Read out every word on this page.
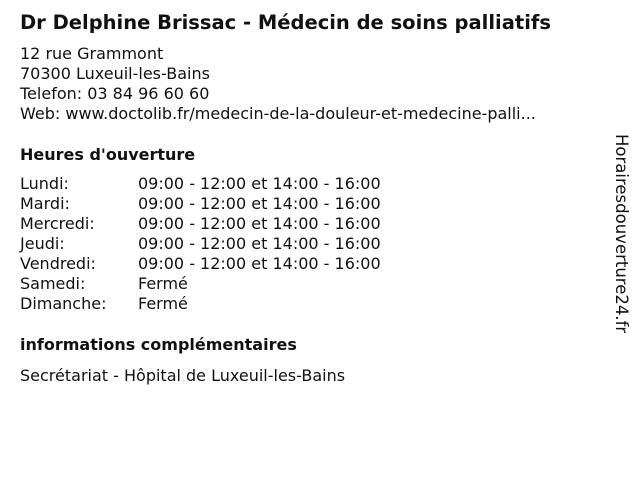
Dr Delphine Brissac - Médecin de soins palliatifs
12 rue Grammont
70300 Luxeuil-les-Bains
Telefon: 03 84 96 60 60
Web: www.doctolib.fr/medecin-de-la-douleur-et-medecine-palli...
Heures d'ouverture
Lundi:	09:00 - 12:00 et 14:00 - 16:00
Mardi:	09:00 - 12:00 et 14:00 - 16:00
Mercredi:	09:00 - 12:00 et 14:00 - 16:00
Jeudi:	09:00 - 12:00 et 14:00 - 16:00
Vendredi:	09:00 - 12:00 et 14:00 - 16:00
Samedi:	Fermé
Dimanche: Fermé
informations complémentaires
Secrétariat - Hôpital de Luxeuil-les-Bains
Horairesdouverture24.fr
